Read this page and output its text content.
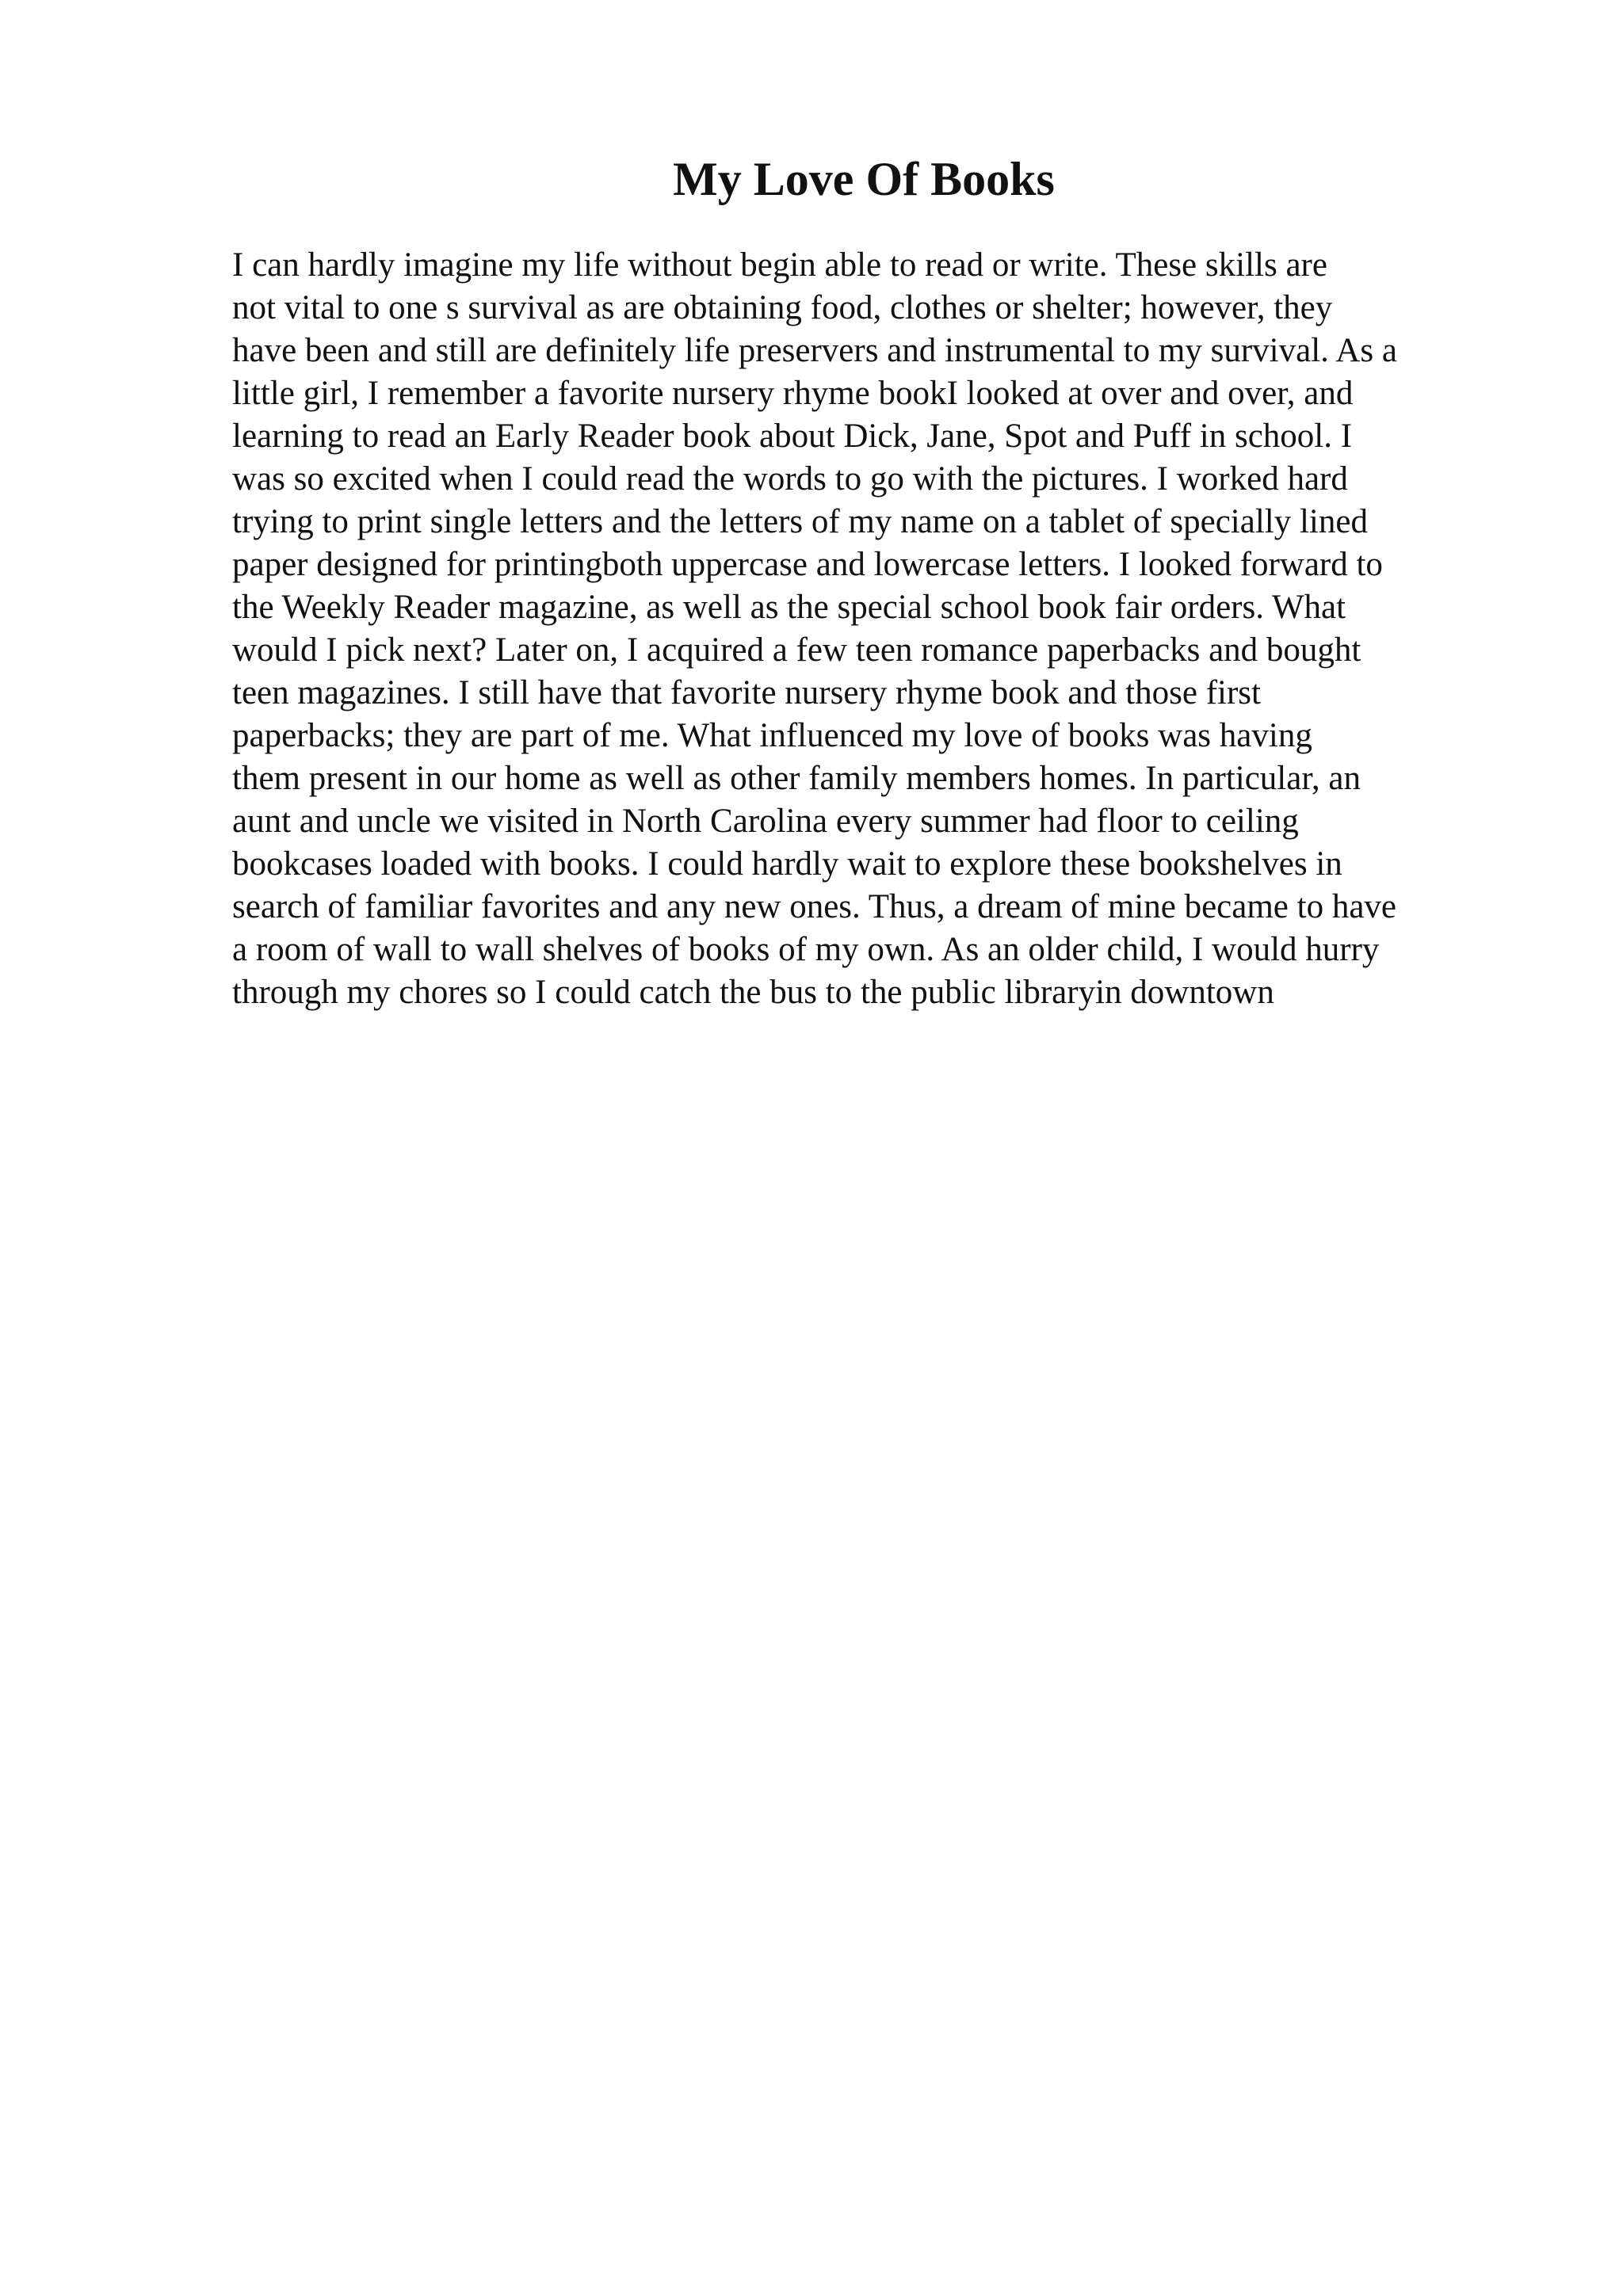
My Love Of Books
I can hardly imagine my life without begin able to read or write. These skills are
not vital to one s survival as are obtaining food, clothes or shelter; however, they
have been and still are definitely life preservers and instrumental to my survival. As a
little girl, I remember a favorite nursery rhyme bookI looked at over and over, and
learning to read an Early Reader book about Dick, Jane, Spot and Puff in school. I
was so excited when I could read the words to go with the pictures. I worked hard
trying to print single letters and the letters of my name on a tablet of specially lined
paper designed for printingboth uppercase and lowercase letters. I looked forward to
the Weekly Reader magazine, as well as the special school book fair orders. What
would I pick next? Later on, I acquired a few teen romance paperbacks and bought
teen magazines. I still have that favorite nursery rhyme book and those first
paperbacks; they are part of me. What influenced my love of books was having
them present in our home as well as other family members homes. In particular, an
aunt and uncle we visited in North Carolina every summer had floor to ceiling
bookcases loaded with books. I could hardly wait to explore these bookshelves in
search of familiar favorites and any new ones. Thus, a dream of mine became to have
a room of wall to wall shelves of books of my own. As an older child, I would hurry
through my chores so I could catch the bus to the public libraryin downtown
